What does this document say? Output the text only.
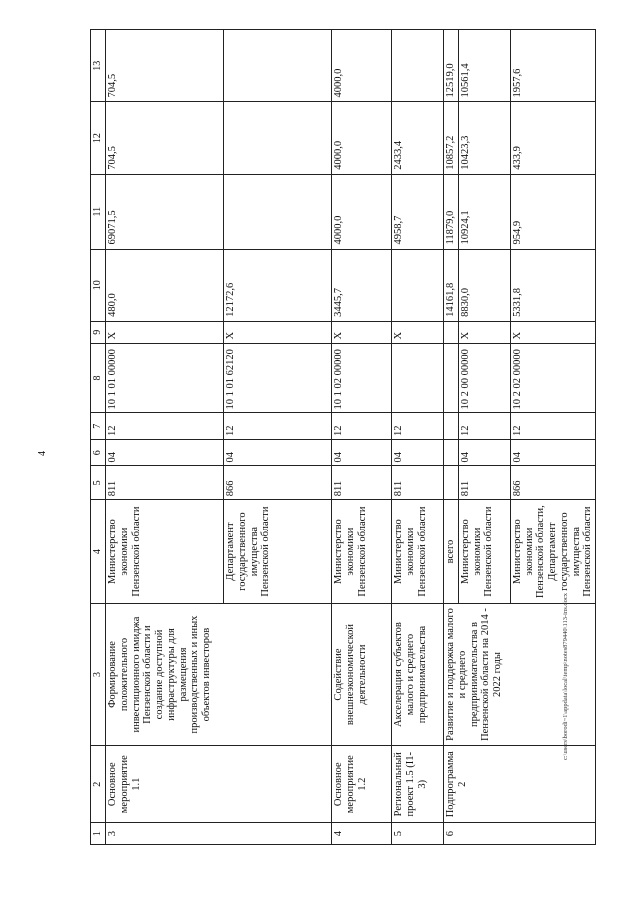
4
1	2	3	4	5	6	7	8	9	10	11	12	13
3	Основное мероприятие 1.1	Формирование положительного инвестиционного имиджа Пензенской области и создание доступной инфраструктуры для размещения производственных и иных объектов инвесторов	Министерство экономики Пензенской области	811	04	12	10 1 01 00000	X	480,0	69071,5	704,5	704,5
			Департамент государственного имущества Пензенской области	866	04	12	10 1 01 62120	X	12172,6			
4	Основное мероприятие 1.2	Содействие внешнеэкономической деятельности	Министерство экономики Пензенской области	811	04	12	10 1 02 00000	X	3445,7	4000,0	4000,0	4000,0
5	Региональный проект 1.5 (I1-3)	Акселерация субъектов малого и среднего предпринимательства	Министерство экономики Пензенской области	811	04	12		X		4958,7	2433,4	
6	Подпрограмма 2	Развитие и поддержка малого и среднего предпринимательства в Пензенской области на 2014 - 2022 годы	всего						14161,8	11879,0	10857,2	12519,0
			Министерство экономики Пензенской области	811	04	12	10 2 00 00000	X	8830,0	10924,1	10423,3	10561,4
			Министерство экономики Пензенской области, Департамент государственного имущества Пензенской области	866	04	12	10 2 02 00000	X	5331,8	954,9	433,9	1957,6
c:\users\borodi~1\appdata\local\temp\notes879440\113-ins.docx
